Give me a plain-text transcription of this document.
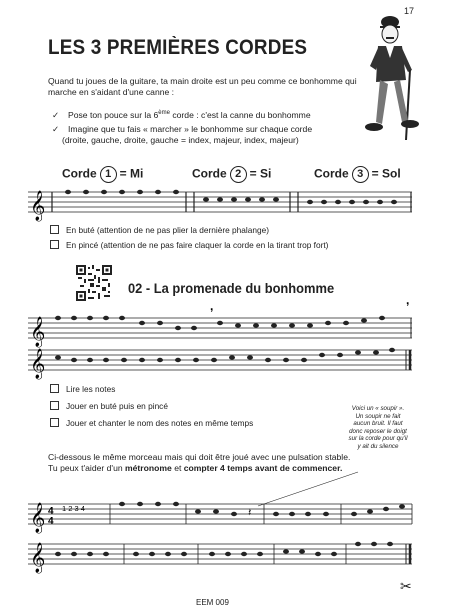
17
LES 3 PREMIÈRES CORDES
Quand tu joues de la guitare, ta main droite est un peu comme ce bonhomme qui marche en s'aidant d'une canne :
✓ Pose ton pouce sur la 6ème corde : c'est la canne du bonhomme
✓ Imagine que tu fais « marcher » le bonhomme sur chaque corde
(droite, gauche, droite, gauche = index, majeur, index, majeur)
Corde 1 = Mi	Corde 2 = Si	Corde 3 = Sol
𝄞
En buté (attention de ne pas plier la dernière phalange)
En pincé (attention de ne pas faire claquer la corde en la tirant trop fort)
02 - La promenade du bonhomme
𝄞
,	,
𝄞
Lire les notes
Jouer en buté puis en pincé
Jouer et chanter le nom des notes en même temps
Voici un « soupir ». Un soupir ne fait aucun bruit. Il faut donc reposer le doigt sur la corde pour qu'il y ait du silence
Ci-dessous le même morceau mais qui doit être joué avec une pulsation stable.
Tu peux t'aider d'un métronome et compter 4 temps avant de commencer.
𝄞 4
4
1 2 3 4	𝄽
𝄞
✂
EEM 009
